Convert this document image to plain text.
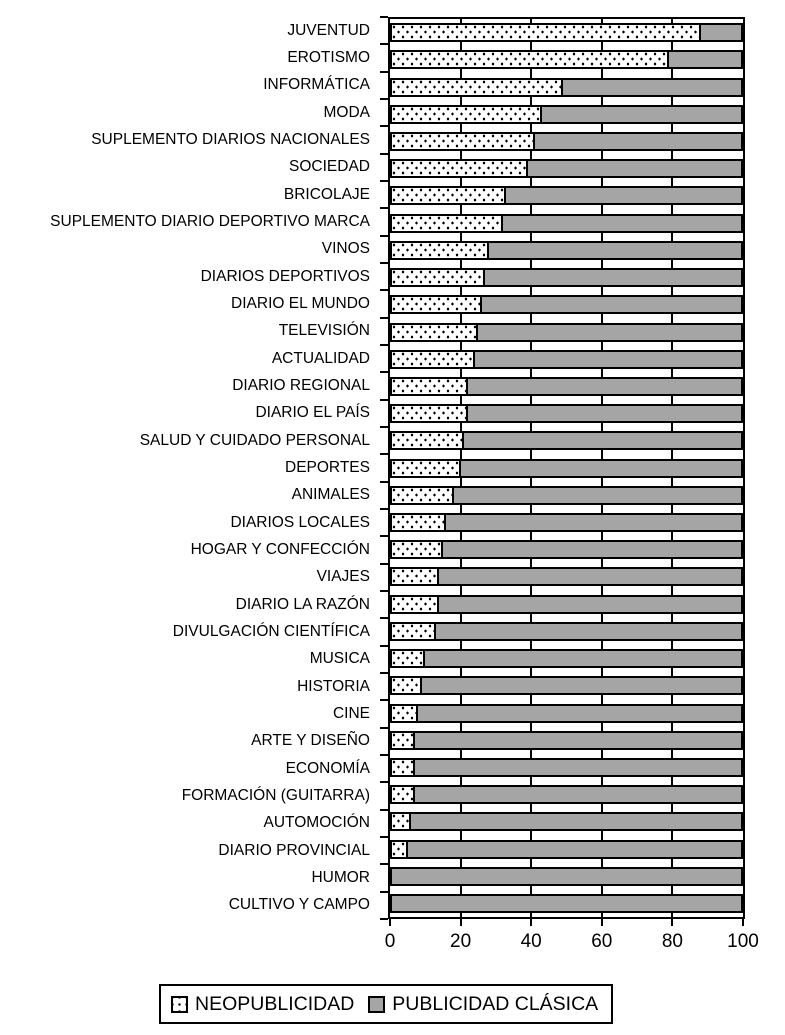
JUVENTUD
EROTISMO
INFORMÁTICA
MODA
SUPLEMENTO DIARIOS NACIONALES
SOCIEDAD
BRICOLAJE
SUPLEMENTO DIARIO DEPORTIVO MARCA
VINOS
DIARIOS DEPORTIVOS
DIARIO EL MUNDO
TELEVISIÓN
ACTUALIDAD
DIARIO REGIONAL
DIARIO EL PAÍS
SALUD Y CUIDADO PERSONAL
DEPORTES
ANIMALES
DIARIOS LOCALES
HOGAR Y CONFECCIÓN
VIAJES
DIARIO LA RAZÓN
DIVULGACIÓN CIENTÍFICA
MUSICA
HISTORIA
CINE
ARTE Y DISEÑO
ECONOMÍA
FORMACIÓN (GUITARRA)
AUTOMOCIÓN
DIARIO PROVINCIAL
HUMOR
CULTIVO Y CAMPO
0	20	40	60	80 100
NEOPUBLICIDAD PUBLICIDAD CLÁSICA
